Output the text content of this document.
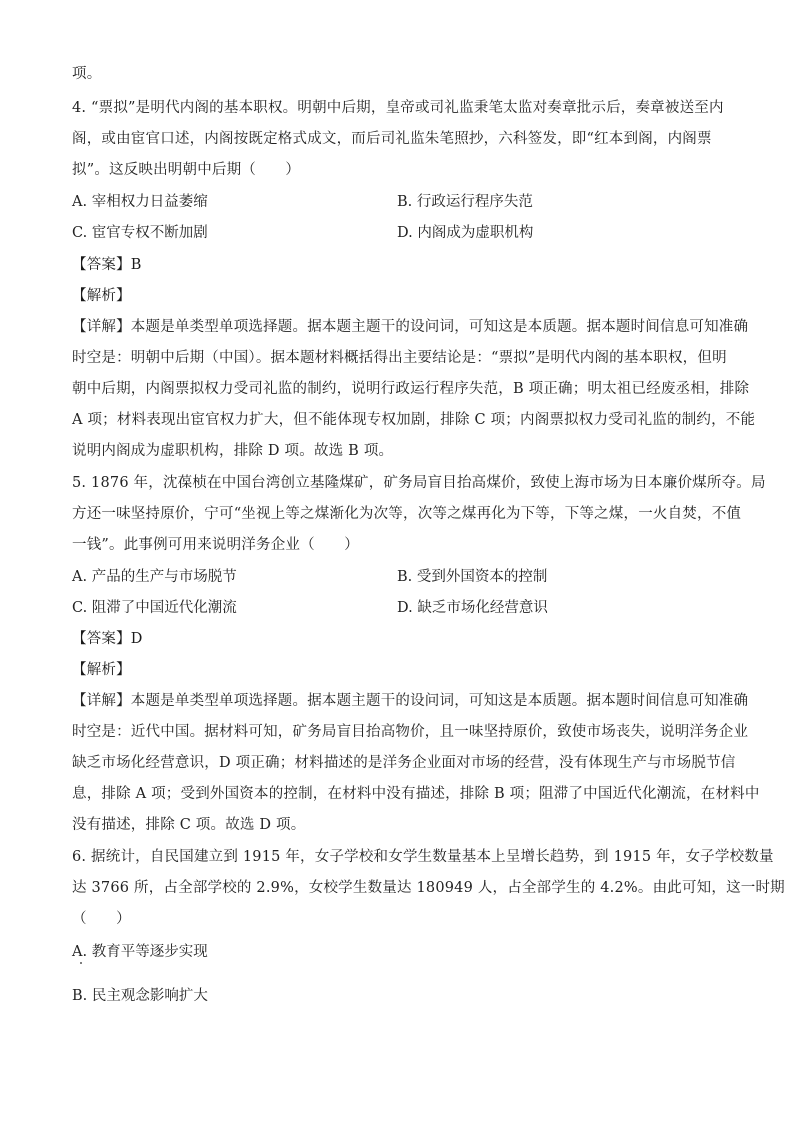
项。
4. “票拟”是明代内阁的基本职权。明朝中后期，皇帝或司礼监秉笔太监对奏章批示后，奏章被送至内
阁，或由宦官口述，内阁按既定格式成文，而后司礼监朱笔照抄，六科签发，即“红本到阁，内阁票
拟”。这反映出明朝中后期（　　）
A. 宰相权力日益萎缩	B. 行政运行程序失范
C. 宦官专权不断加剧	D. 内阁成为虚职机构
【答案】B
【解析】
【详解】本题是单类型单项选择题。据本题主题干的设问词，可知这是本质题。据本题时间信息可知准确
时空是：明朝中后期（中国）。据本题材料概括得出主要结论是：“票拟”是明代内阁的基本职权，但明
朝中后期，内阁票拟权力受司礼监的制约，说明行政运行程序失范，B 项正确；明太祖已经废丞相，排除
A 项；材料表现出宦官权力扩大，但不能体现专权加剧，排除 C 项；内阁票拟权力受司礼监的制约，不能
说明内阁成为虚职机构，排除 D 项。故选 B 项。
5. 1876 年，沈葆桢在中国台湾创立基隆煤矿，矿务局盲目抬高煤价，致使上海市场为日本廉价煤所夺。局
方还一味坚持原价，宁可“坐视上等之煤渐化为次等，次等之煤再化为下等，下等之煤，一火自焚，不值
一钱”。此事例可用来说明洋务企业（　　）
A. 产品的生产与市场脱节	B. 受到外国资本的控制
C. 阻滞了中国近代化潮流	D. 缺乏市场化经营意识
【答案】D
【解析】
【详解】本题是单类型单项选择题。据本题主题干的设问词，可知这是本质题。据本题时间信息可知准确
时空是：近代中国。据材料可知，矿务局盲目抬高物价，且一味坚持原价，致使市场丧失，说明洋务企业
缺乏市场化经营意识，D 项正确；材料描述的是洋务企业面对市场的经营，没有体现生产与市场脱节信
息，排除 A 项；受到外国资本的控制，在材料中没有描述，排除 B 项；阻滞了中国近代化潮流，在材料中
没有描述，排除 C 项。故选 D 项。
6. 据统计，自民国建立到 1915 年，女子学校和女学生数量基本上呈增长趋势，到 1915 年，女子学校数量
达 3766 所，占全部学校的 2.9%，女校学生数量达 180949 人，占全部学生的 4.2%。由此可知，这一时期
（　　）
A. 教育平等逐步实现
B. 民主观念影响扩大
